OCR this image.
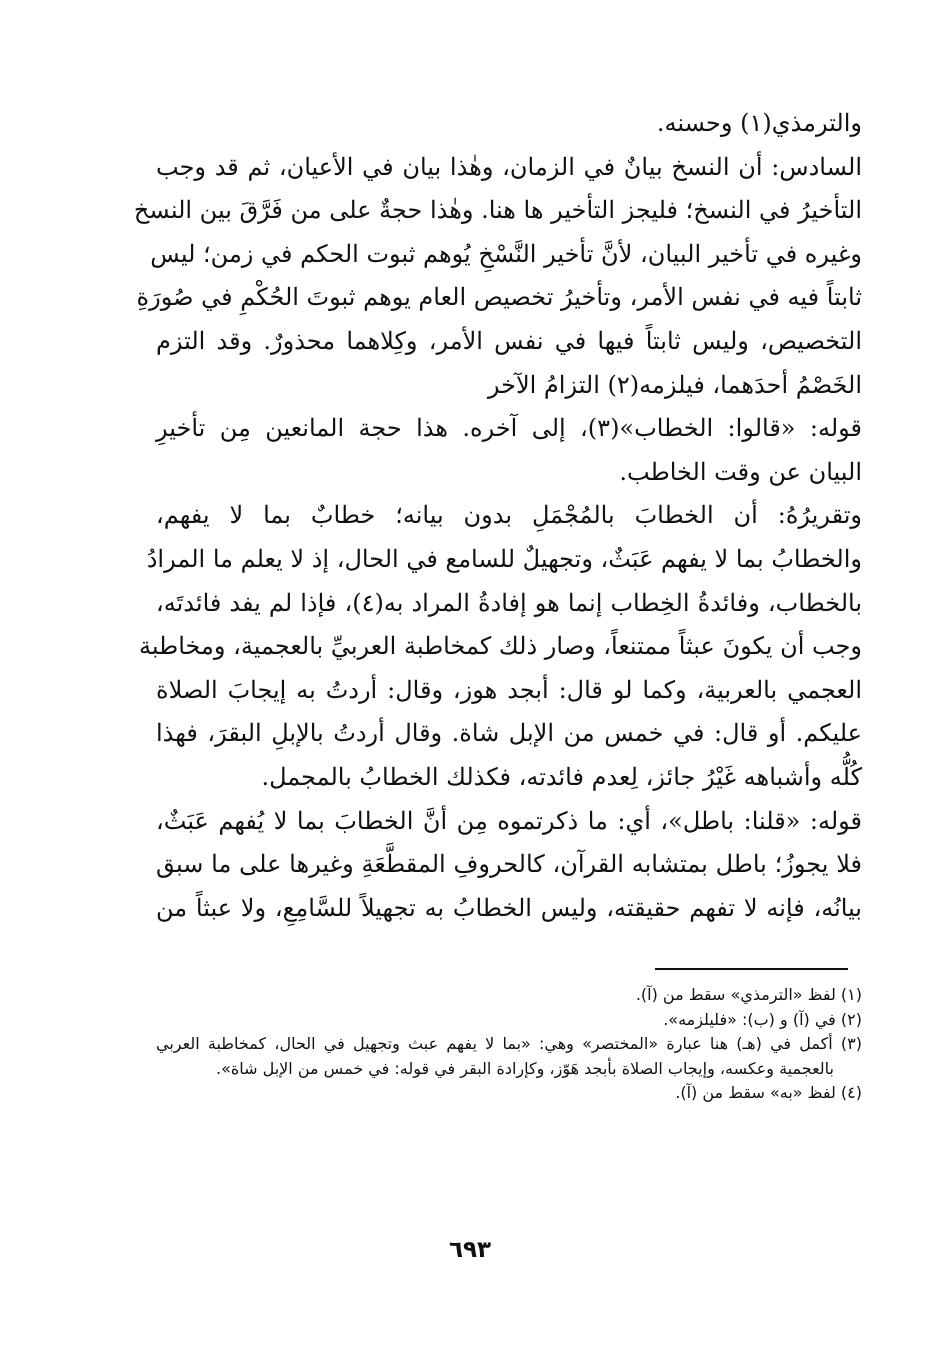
والترمذي(١) وحسنه.
السادس: أن النسخ بيانٌ في الزمان، وهٰذا بيان في الأعيان، ثم قد وجب
التأخيرُ في النسخ؛ فليجز التأخير ها هنا. وهٰذا حجةٌ على من فَرَّقَ بين النسخ
وغيره في تأخير البيان، لأنَّ تأخير النَّسْخِ يُوهم ثبوت الحكم في زمن؛ ليس
ثابتاً فيه في نفس الأمر، وتأخيرُ تخصيص العام يوهم ثبوتَ الحُكْمِ في صُورَةِ
التخصيص، وليس ثابتاً فيها في نفس الأمر، وكِلاهما محذورٌ. وقد التزم
الخَصْمُ أحدَهما، فيلزمه(٢) التزامُ الآخر
قوله: «قالوا: الخطاب»(٣)، إلى آخره. هذا حجة المانعين مِن تأخيرِ
البيان عن وقت الخاطب.
وتقريرُهُ: أن الخطابَ بالمُجْمَلِ بدون بيانه؛ خطابٌ بما لا يفهم،
والخطابُ بما لا يفهم عَبَثٌ، وتجهيلٌ للسامع في الحال، إذ لا يعلم ما المرادُ
بالخطاب، وفائدةُ الخِطاب إنما هو إفادةُ المراد به(٤)، فإذا لم يفد فائدتَه،
وجب أن يكونَ عبثاً ممتنعاً، وصار ذلك كمخاطبة العربيِّ بالعجمية، ومخاطبة
العجمي بالعربية، وكما لو قال: أبجد هوز، وقال: أردتُ به إيجابَ الصلاة
عليكم. أو قال: في خمس من الإبل شاة. وقال أردتُ بالإبلِ البقرَ، فهذا
كُلُّه وأشباهه غَيْرُ جائز، لِعدم فائدته، فكذلك الخطابُ بالمجمل.
قوله: «قلنا: باطل»، أي: ما ذكرتموه مِن أنَّ الخطابَ بما لا يُفهم عَبَثٌ،
فلا يجوزُ؛ باطل بمتشابه القرآن، كالحروفِ المقطَّعَةِ وغيرها على ما سبق
بيانُه، فإنه لا تفهم حقيقته، وليس الخطابُ به تجهيلاً للسَّامِعِ، ولا عبثاً من
(١) لفظ «الترمذي» سقط من (آ).
(٢) في (آ) و (ب): «فليلزمه».
(٣) أكمل في (هـ) هنا عبارة «المختصر» وهي: «بما لا يفهم عبث وتجهيل في الحال، كمخاطبة العربي
بالعجمية وعكسه، وإيجاب الصلاة بأبجد هَوّز، وكإرادة البقر في قوله: في خمس من الإبل شاة».
(٤) لفظ «به» سقط من (آ).
٦٩٣
